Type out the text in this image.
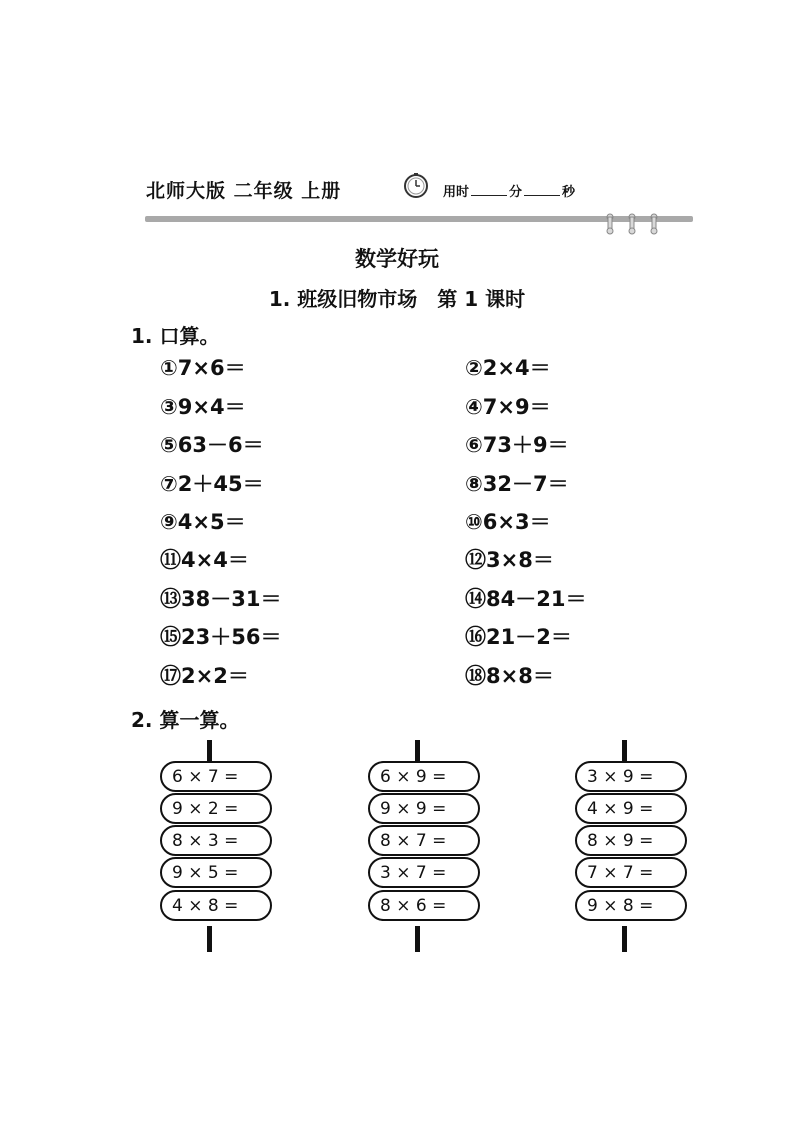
北师大版 二年级 上册	用时	分	秒
数学好玩
1. 班级旧物市场　第 1 课时
1. 口算。
①7×6＝	②2×4＝
③9×4＝	④7×9＝
⑤63－6＝	⑥73＋9＝
⑦2＋45＝	⑧32－7＝
⑨4×5＝	⑩6×3＝
⑪4×4＝	⑫3×8＝
⑬38－31＝	⑭84－21＝
⑮23＋56＝	⑯21－2＝
⑰2×2＝	⑱8×8＝
2. 算一算。
6 × 7 =
9 × 2 =
8 × 3 =
9 × 5 =
4 × 8 =
6 × 9 =
9 × 9 =
8 × 7 =
3 × 7 =
8 × 6 =
3 × 9 =
4 × 9 =
8 × 9 =
7 × 7 =
9 × 8 =
